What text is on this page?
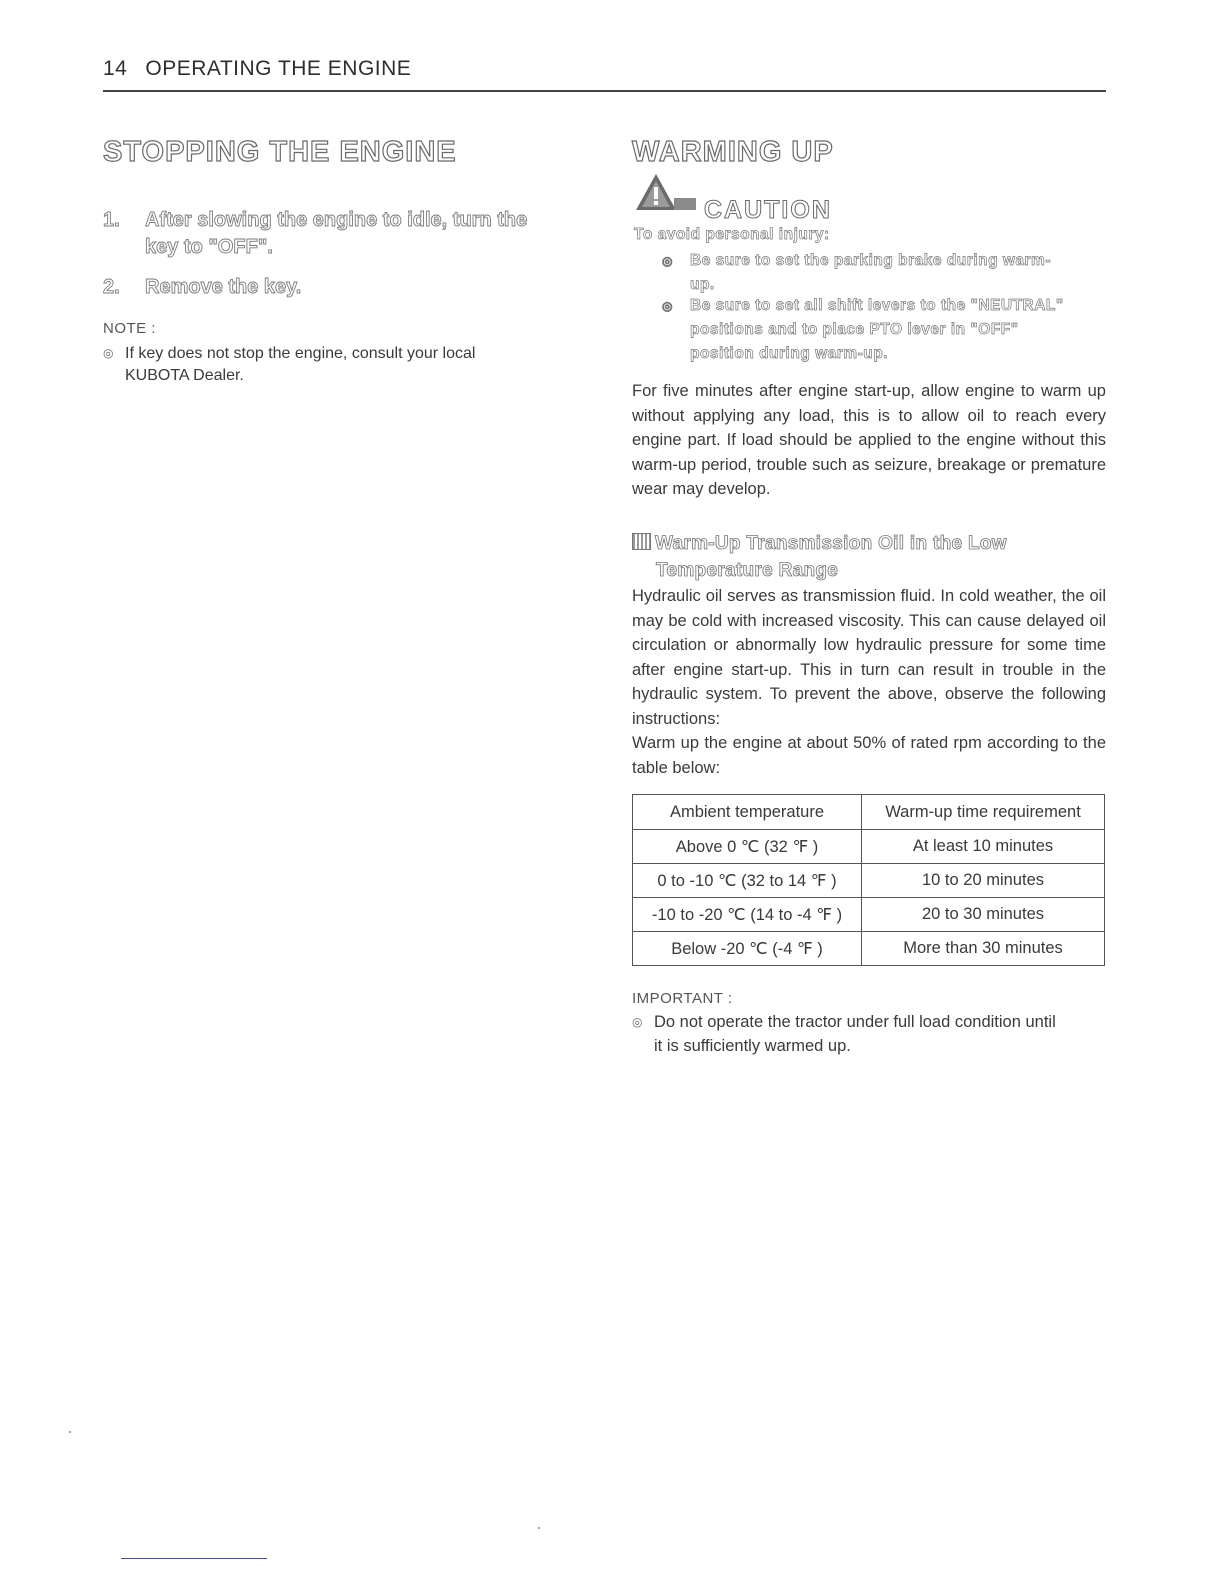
14 OPERATING THE ENGINE
STOPPING THE ENGINE
1. After slowing the engine to idle, turn the
key to "OFF".
2. Remove the key.
NOTE :
◎ If key does not stop the engine, consult your local
KUBOTA Dealer.
WARMING UP
CAUTION
To avoid personal injury:
◎ Be sure to set the parking brake during warm-
up.
◎ Be sure to set all shift levers to the "NEUTRAL"
positions and to place PTO lever in "OFF"
position during warm-up.
For five minutes after engine start-up, allow engine to warm up without applying any load, this is to allow oil to reach every engine part. If load should be applied to the engine without this warm-up period, trouble such as seizure, breakage or premature wear may develop.
Warm-Up Transmission Oil in the Low
Temperature Range
Hydraulic oil serves as transmission fluid. In cold weather, the oil may be cold with increased viscosity. This can cause delayed oil circulation or abnormally low hydraulic pressure for some time after engine start-up. This in turn can result in trouble in the hydraulic system. To prevent the above, observe the following instructions:
Warm up the engine at about 50% of rated rpm according to the table below:
Ambient temperature	Warm-up time requirement
Above 0 ℃ (32 ℉ )	At least 10 minutes
0 to -10 ℃ (32 to 14 ℉ )	10 to 20 minutes
-10 to -20 ℃ (14 to -4 ℉ )	20 to 30 minutes
Below -20 ℃ (-4 ℉ )	More than 30 minutes
IMPORTANT :
◎ Do not operate the tractor under full load condition until
it is sufficiently warmed up.
